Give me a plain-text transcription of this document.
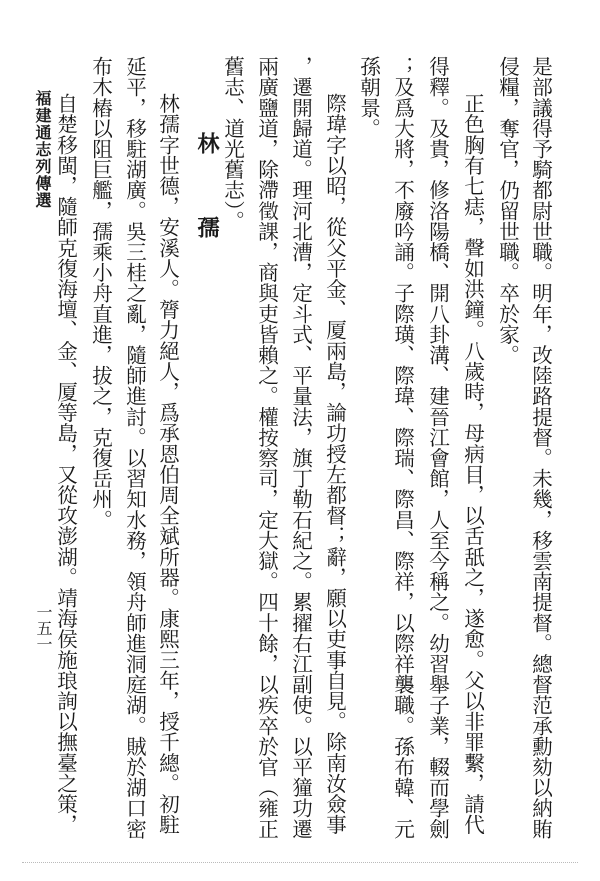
是部議得予騎都尉世職。明年，改陸路提督。未幾，移雲南提督。總督范承勳劾以納賄
侵糧，奪官，仍留世職。卒於家。
正色胸有七痣，聲如洪鐘。八歲時，母病目，以舌舐之，遂愈。父以非罪繫，請代
得釋。及貴，修洛陽橋、開八卦溝、建晉江會館，人至今稱之。幼習舉子業，輟而學劍
；及爲大將，不廢吟誦。子際璜、際瑋、際瑞、際昌、際祥，以際祥襲職。孫布韓、元
孫朝景。
際瑋字以昭，從父平金、厦兩島，論功授左都督；辭，願以吏事自見。除南汝僉事
，遷開歸道。理河北漕，定斗式、平量法，旗丁勒石紀之。累擢右江副使。以平獞功遷
兩廣鹽道，除滯徵課，商與吏皆賴之。權按察司，定大獄。四十餘，以疾卒於官（雍正
舊志、道光舊志）。
林 孺
林孺字世德，安溪人。膂力絕人，爲承恩伯周全斌所器。康熙三年，授千總。初駐
延平，移駐湖廣。吳三桂之亂，隨師進討。以習知水務，領舟師進洞庭湖。賊於湖口密
布木樁以阻巨艦，孺乘小舟直進，拔之，克復岳州。
自楚移閩，隨師克復海壇、金、厦等島，又從攻澎湖。靖海侯施琅詢以撫臺之策，
福建通志列傳選
一五一
